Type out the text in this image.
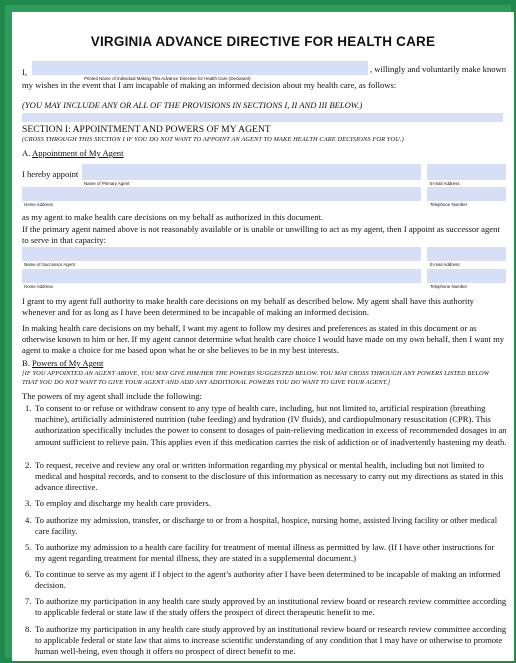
VIRGINIA ADVANCE DIRECTIVE FOR HEALTH CARE
I,
Printed Name of Individual Making This Advance Directive for Health Care (Declarant)
, willingly and voluntarily make known
my wishes in the event that I am incapable of making an informed decision about my health care, as follows:
(YOU MAY INCLUDE ANY OR ALL OF THE PROVISIONS IN SECTIONS I, II AND III BELOW.)
SECTION I: APPOINTMENT AND POWERS OF MY AGENT
(CROSS THROUGH THIS SECTION I IF YOU DO NOT WANT TO APPOINT AN AGENT TO MAKE HEALTH CARE DECISIONS FOR YOU.)
A. Appointment of My Agent
I hereby appoint
Name of Primary Agent	E-mail Address
Home Address	Telephone Number
as my agent to make health care decisions on my behalf as authorized in this document.
If the primary agent named above is not reasonably available or is unable or unwilling to act as my agent, then I appoint as successor agent to serve in that capacity:
Name of Successor Agent	E-mail Address
Home Address	Telephone Number
I grant to my agent full authority to make health care decisions on my behalf as described below. My agent shall have this authority whenever and for as long as I have been determined to be incapable of making an informed decision.
In making health care decisions on my behalf, I want my agent to follow my desires and preferences as stated in this document or as otherwise known to him or her. If my agent cannot determine what health care choice I would have made on my own behalf, then I want my agent to make a choice for me based upon what he or she believes to be in my best interests.
B. Powers of My Agent
[IF YOU APPOINTED AN AGENT ABOVE, YOU MAY GIVE HIM/HER THE POWERS SUGGESTED BELOW. YOU MAY CROSS THROUGH ANY POWERS LISTED BELOW THAT YOU DO NOT WANT TO GIVE YOUR AGENT AND ADD ANY ADDITIONAL POWERS YOU DO WANT TO GIVE YOUR AGENT.]
The powers of my agent shall include the following:
1. To consent to or refuse or withdraw consent to any type of health care, including, but not limited to, artificial respiration (breathing machine), artificially administered nutrition (tube feeding) and hydration (IV fluids), and cardiopulmonary resuscitation (CPR). This authorization specifically includes the power to consent to dosages of pain-relieving medication in excess of recommended dosages in an amount sufficient to relieve pain. This applies even if this medication carries the risk of addiction or of inadvertently hastening my death.
2. To request, receive and review any oral or written information regarding my physical or mental health, including but not limited to medical and hospital records, and to consent to the disclosure of this information as necessary to carry out my directions as stated in this advance directive.
3. To employ and discharge my health care providers.
4. To authorize my admission, transfer, or discharge to or from a hospital, hospice, nursing home, assisted living facility or other medical care facility.
5. To authorize my admission to a health care facility for treatment of mental illness as permitted by law. (If I have other instructions for my agent regarding treatment for mental illness, they are stated in a supplemental document.)
6. To continue to serve as my agent if I object to the agent’s authority after I have been determined to be incapable of making an informed decision.
7. To authorize my participation in any health care study approved by an institutional review board or research review committee according to applicable federal or state law if the study offers the prospect of direct therapeutic benefit to me.
8. To authorize my participation in any health care study approved by an institutional review board or research review committee according to applicable federal or state law that aims to increase scientific understanding of any condition that I may have or otherwise to promote human well-being, even though it offers no prospect of direct benefit to me.
